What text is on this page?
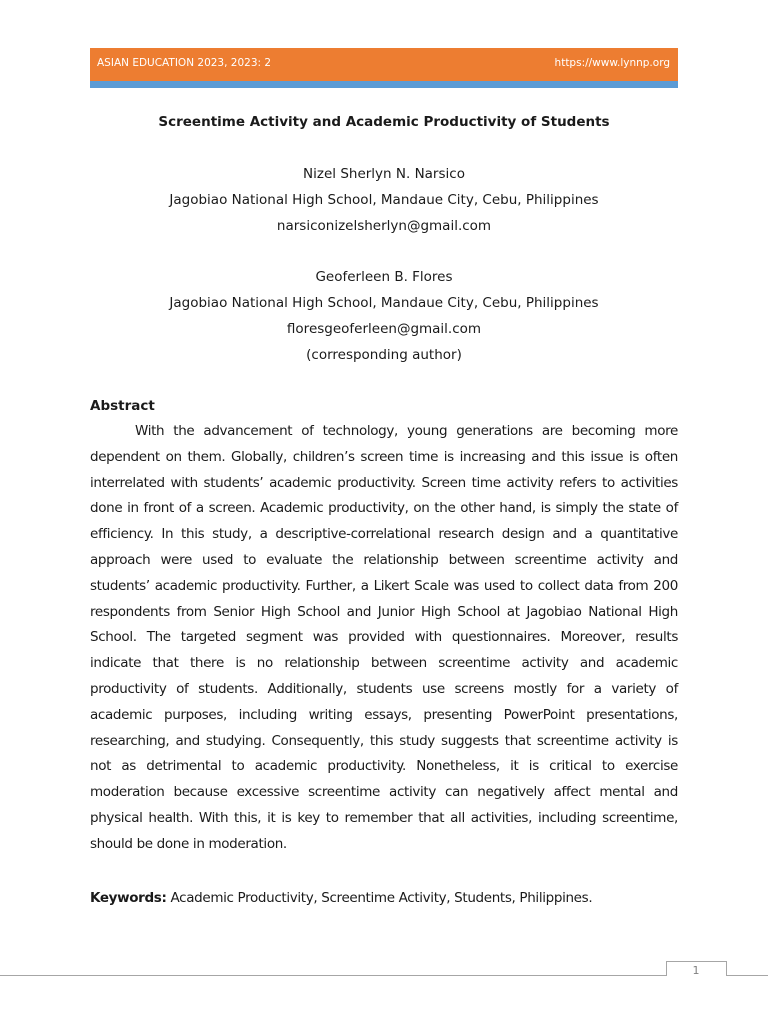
ASIAN EDUCATION 2023, 2023: 2	https://www.lynnp.org
Screentime Activity and Academic Productivity of Students
Nizel Sherlyn N. Narsico
Jagobiao National High School, Mandaue City, Cebu, Philippines
narsiconizelsherlyn@gmail.com
Geoferleen B. Flores
Jagobiao National High School, Mandaue City, Cebu, Philippines
floresgeoferleen@gmail.com
(corresponding author)
Abstract

With the advancement of technology, young generations are becoming more dependent on them. Globally, children’s screen time is increasing and this issue is often interrelated with students’ academic productivity. Screen time activity refers to activities done in front of a screen. Academic productivity, on the other hand, is simply the state of efficiency. In this study, a descriptive-correlational research design and a quantitative approach were used to evaluate the relationship between screentime activity and students’ academic productivity. Further, a Likert Scale was used to collect data from 200 respondents from Senior High School and Junior High School at Jagobiao National High School. The targeted segment was provided with questionnaires. Moreover, results indicate that there is no relationship between screentime activity and academic productivity of students. Additionally, students use screens mostly for a variety of academic purposes, including writing essays, presenting PowerPoint presentations, researching, and studying. Consequently, this study suggests that screentime activity is not as detrimental to academic productivity. Nonetheless, it is critical to exercise moderation because excessive screentime activity can negatively affect mental and physical health. With this, it is key to remember that all activities, including screentime, should be done in moderation.

Keywords: Academic Productivity, Screentime Activity, Students, Philippines.
1
